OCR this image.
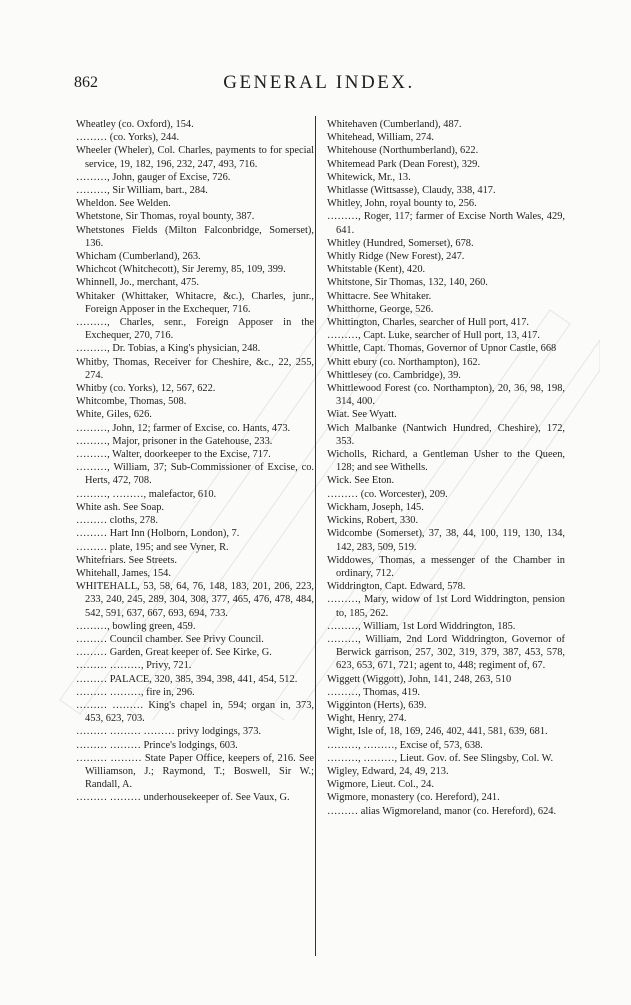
862	GENERAL INDEX.
Wheatley (co. Oxford), 154.
……… (co. Yorks), 244.
Wheeler (Wheler), Col. Charles, payments to for special service, 19, 182, 196, 232, 247, 493, 716.
………, John, gauger of Excise, 726.
………, Sir William, bart., 284.
Wheldon. See Welden.
Whetstone, Sir Thomas, royal bounty, 387.
Whetstones Fields (Milton Falconbridge, Somerset), 136.
Whicham (Cumberland), 263.
Whichcot (Whitchecott), Sir Jeremy, 85, 109, 399.
Whinnell, Jo., merchant, 475.
Whitaker (Whittaker, Whitacre, &c.), Charles, junr., Foreign Apposer in the Exchequer, 716.
………, Charles, senr., Foreign Apposer in the Exchequer, 270, 716.
………, Dr. Tobias, a King's physician, 248.
Whitby, Thomas, Receiver for Cheshire, &c., 22, 255, 274.
Whitby (co. Yorks), 12, 567, 622.
Whitcombe, Thomas, 508.
White, Giles, 626.
………, John, 12; farmer of Excise, co. Hants, 473.
………, Major, prisoner in the Gatehouse, 233.
………, Walter, doorkeeper to the Excise, 717.
………, William, 37; Sub-Commissioner of Excise, co. Herts, 472, 708.
………, ………, malefactor, 610.
White ash. See Soap.
……… cloths, 278.
……… Hart Inn (Holborn, London), 7.
……… plate, 195; and see Vyner, R.
Whitefriars. See Streets.
Whitehall, James, 154.
WHITEHALL, 53, 58, 64, 76, 148, 183, 201, 206, 223, 233, 240, 245, 289, 304, 308, 377, 465, 476, 478, 484, 542, 591, 637, 667, 693, 694, 733.
………, bowling green, 459.
……… Council chamber. See Privy Council.
……… Garden, Great keeper of. See Kirke, G.
……… ………, Privy, 721.
……… PALACE, 320, 385, 394, 398, 441, 454, 512.
……… ………, fire in, 296.
……… ……… King's chapel in, 594; organ in, 373, 453, 623, 703.
……… ……… ……… privy lodgings, 373.
……… ……… Prince's lodgings, 603.
……… ……… State Paper Office, keepers of, 216. See Williamson, J.; Raymond, T.; Boswell, Sir W.; Randall, A.
……… ……… underhousekeeper of. See Vaux, G.
Whitehaven (Cumberland), 487.
Whitehead, William, 274.
Whitehouse (Northumberland), 622.
Whitemead Park (Dean Forest), 329.
Whitewick, Mr., 13.
Whitlasse (Wittsasse), Claudy, 338, 417.
Whitley, John, royal bounty to, 256.
………, Roger, 117; farmer of Excise North Wales, 429, 641.
Whitley (Hundred, Somerset), 678.
Whitly Ridge (New Forest), 247.
Whitstable (Kent), 420.
Whitstone, Sir Thomas, 132, 140, 260.
Whittacre. See Whitaker.
Whitthorne, George, 526.
Whittington, Charles, searcher of Hull port, 417.
………, Capt. Luke, searcher of Hull port, 13, 417.
Whittle, Capt. Thomas, Governor of Upnor Castle, 668
Whitt ebury (co. Northampton), 162.
Whittlesey (co. Cambridge), 39.
Whittlewood Forest (co. Northampton), 20, 36, 98, 198, 314, 400.
Wiat. See Wyatt.
Wich Malbanke (Nantwich Hundred, Cheshire), 172, 353.
Wicholls, Richard, a Gentleman Usher to the Queen, 128; and see Withells.
Wick. See Eton.
……… (co. Worcester), 209.
Wickham, Joseph, 145.
Wickins, Robert, 330.
Widcombe (Somerset), 37, 38, 44, 100, 119, 130, 134, 142, 283, 509, 519.
Widdowes, Thomas, a messenger of the Chamber in ordinary, 712.
Widdrington, Capt. Edward, 578.
………, Mary, widow of 1st Lord Widdrington, pension to, 185, 262.
………, William, 1st Lord Widdrington, 185.
………, William, 2nd Lord Widdrington, Governor of Berwick garrison, 257, 302, 319, 379, 387, 453, 578, 623, 653, 671, 721; agent to, 448; regiment of, 67.
Wiggett (Wiggott), John, 141, 248, 263, 510
………, Thomas, 419.
Wigginton (Herts), 639.
Wight, Henry, 274.
Wight, Isle of, 18, 169, 246, 402, 441, 581, 639, 681.
………, ………, Excise of, 573, 638.
………, ………, Lieut. Gov. of. See Slingsby, Col. W.
Wigley, Edward, 24, 49, 213.
Wigmore, Lieut. Col., 24.
Wigmore, monastery (co. Hereford), 241.
……… alias Wigmoreland, manor (co. Hereford), 624.
